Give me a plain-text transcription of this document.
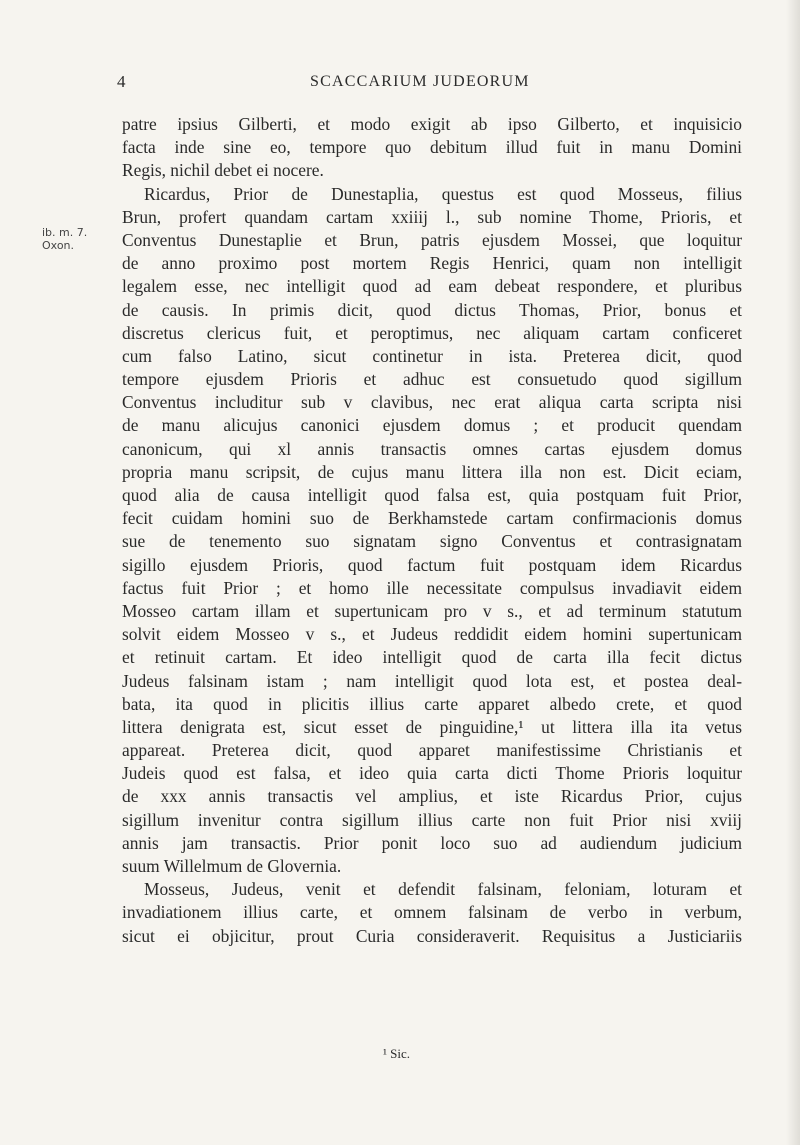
4	SCACCARIUM JUDEORUM
ib. m. 7.
Oxon.
patre ipsius Gilberti, et modo exigit ab ipso Gilberto, et inquisicio
facta inde sine eo, tempore quo debitum illud fuit in manu Domini
Regis, nichil debet ei nocere.
Ricardus, Prior de Dunestaplia, questus est quod Mosseus, filius
Brun, profert quandam cartam xxiiij l., sub nomine Thome, Prioris, et
Conventus Dunestaplie et Brun, patris ejusdem Mossei, que loquitur
de anno proximo post mortem Regis Henrici, quam non intelligit
legalem esse, nec intelligit quod ad eam debeat respondere, et pluribus
de causis. In primis dicit, quod dictus Thomas, Prior, bonus et
discretus clericus fuit, et peroptimus, nec aliquam cartam conficeret
cum falso Latino, sicut continetur in ista. Preterea dicit, quod
tempore ejusdem Prioris et adhuc est consuetudo quod sigillum
Conventus includitur sub v clavibus, nec erat aliqua carta scripta nisi
de manu alicujus canonici ejusdem domus ; et producit quendam
canonicum, qui xl annis transactis omnes cartas ejusdem domus
propria manu scripsit, de cujus manu littera illa non est. Dicit eciam,
quod alia de causa intelligit quod falsa est, quia postquam fuit Prior,
fecit cuidam homini suo de Berkhamstede cartam confirmacionis domus
sue de tenemento suo signatam signo Conventus et contrasignatam
sigillo ejusdem Prioris, quod factum fuit postquam idem Ricardus
factus fuit Prior ; et homo ille necessitate compulsus invadiavit eidem
Mosseo cartam illam et supertunicam pro v s., et ad terminum statutum
solvit eidem Mosseo v s., et Judeus reddidit eidem homini supertunicam
et retinuit cartam. Et ideo intelligit quod de carta illa fecit dictus
Judeus falsinam istam ; nam intelligit quod lota est, et postea deal-
bata, ita quod in plicitis illius carte apparet albedo crete, et quod
littera denigrata est, sicut esset de pinguidine,¹ ut littera illa ita vetus
appareat. Preterea dicit, quod apparet manifestissime Christianis et
Judeis quod est falsa, et ideo quia carta dicti Thome Prioris loquitur
de xxx annis transactis vel amplius, et iste Ricardus Prior, cujus
sigillum invenitur contra sigillum illius carte non fuit Prior nisi xviij
annis jam transactis. Prior ponit loco suo ad audiendum judicium
suum Willelmum de Glovernia.
Mosseus, Judeus, venit et defendit falsinam, feloniam, loturam et
invadiationem illius carte, et omnem falsinam de verbo in verbum,
sicut ei objicitur, prout Curia consideraverit. Requisitus a Justiciariis
¹ Sic.
